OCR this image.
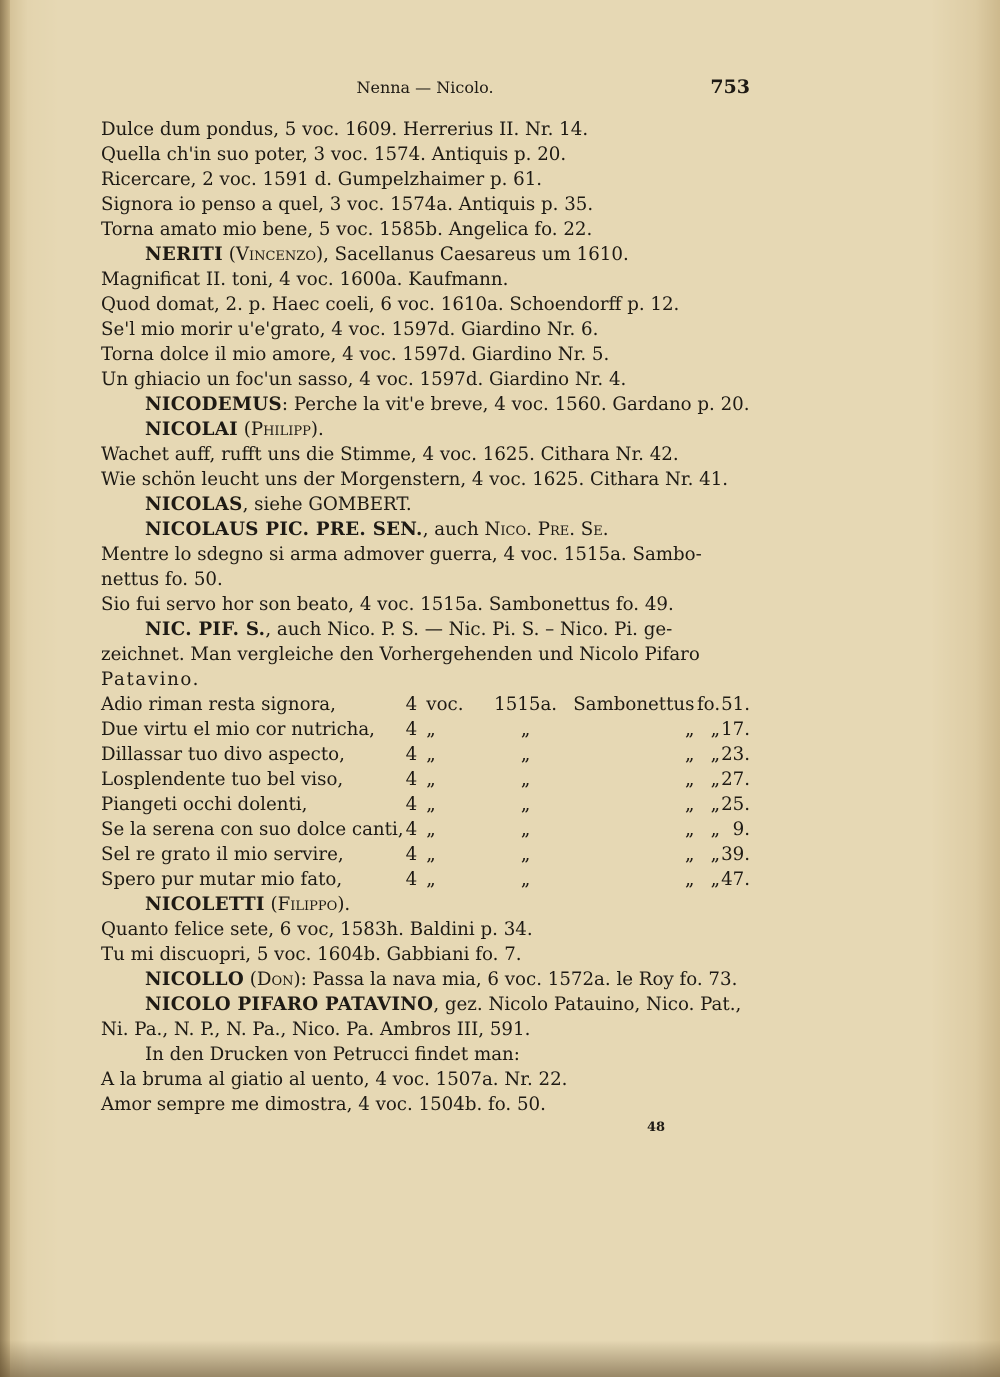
Nenna — Nicolo.	753
Dulce dum pondus, 5 voc. 1609. Herrerius II. Nr. 14.
Quella ch'in suo poter, 3 voc. 1574. Antiquis p. 20.
Ricercare, 2 voc. 1591 d. Gumpelzhaimer p. 61.
Signora io penso a quel, 3 voc. 1574a. Antiquis p. 35.
Torna amato mio bene, 5 voc. 1585b. Angelica fo. 22.
NERITI (Vincenzo), Sacellanus Caesareus um 1610.
Magnificat II. toni, 4 voc. 1600a. Kaufmann.
Quod domat, 2. p. Haec coeli, 6 voc. 1610a. Schoendorff p. 12.
Se'l mio morir u'e'grato, 4 voc. 1597d. Giardino Nr. 6.
Torna dolce il mio amore, 4 voc. 1597d. Giardino Nr. 5.
Un ghiacio un foc'un sasso, 4 voc. 1597d. Giardino Nr. 4.
NICODEMUS: Perche la vit'e breve, 4 voc. 1560. Gardano p. 20.
NICOLAI (Philipp).
Wachet auff, rufft uns die Stimme, 4 voc. 1625. Cithara Nr. 42.
Wie schön leucht uns der Morgenstern, 4 voc. 1625. Cithara Nr. 41.
NICOLAS, siehe GOMBERT.
NICOLAUS PIC. PRE. SEN., auch Nico. Pre. Se.
Mentre lo sdegno si arma admover guerra, 4 voc. 1515a. Sambo-
nettus fo. 50.
Sio fui servo hor son beato, 4 voc. 1515a. Sambonettus fo. 49.
NIC. PIF. S., auch Nico. P. S. — Nic. Pi. S. – Nico. Pi. ge-
zeichnet. Man vergleiche den Vorhergehenden und Nicolo Pifaro
Patavino.
Adio riman resta signora,	4	voc.	1515a.	Sambonettus	fo.	51.
Due virtu el mio cor nutricha,	4	„	„	„	„	17.
Dillassar tuo divo aspecto,	4	„	„	„	„	23.
Losplendente tuo bel viso,	4	„	„	„	„	27.
Piangeti occhi dolenti,	4	„	„	„	„	25.
Se la serena con suo dolce canti,	4	„	„	„	„	9.
Sel re grato il mio servire,	4	„	„	„	„	39.
Spero pur mutar mio fato,	4	„	„	„	„	47.
NICOLETTI (Filippo).
Quanto felice sete, 6 voc, 1583h. Baldini p. 34.
Tu mi discuopri, 5 voc. 1604b. Gabbiani fo. 7.
NICOLLO (Don): Passa la nava mia, 6 voc. 1572a. le Roy fo. 73.
NICOLO PIFARO PATAVINO, gez. Nicolo Patauino, Nico. Pat.,
Ni. Pa., N. P., N. Pa., Nico. Pa. Ambros III, 591.
In den Drucken von Petrucci findet man:
A la bruma al giatio al uento, 4 voc. 1507a. Nr. 22.
Amor sempre me dimostra, 4 voc. 1504b. fo. 50.
48
